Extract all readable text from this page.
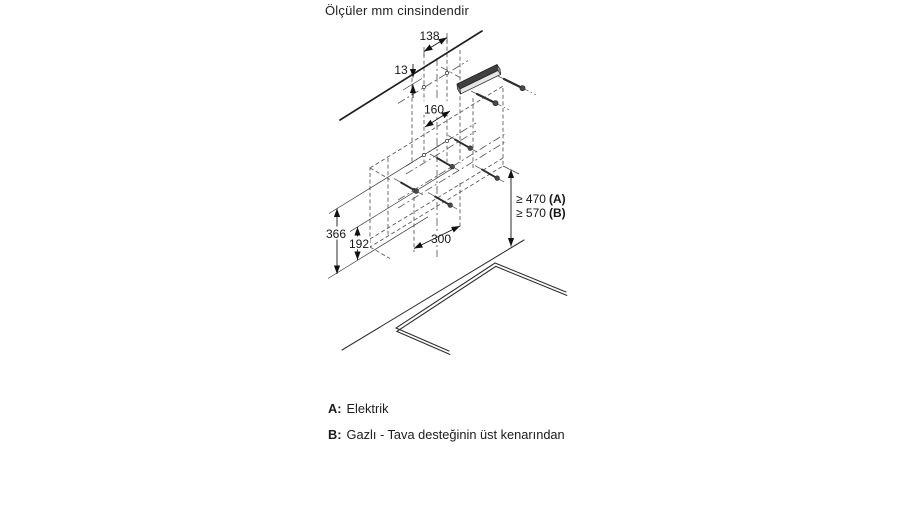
Ölçüler mm cinsindendir
138
13
160
366
192	300
≥ 470 (A)
≥ 570 (B)
A: Elektrik
B: Gazlı - Tava desteğinin üst kenarından
